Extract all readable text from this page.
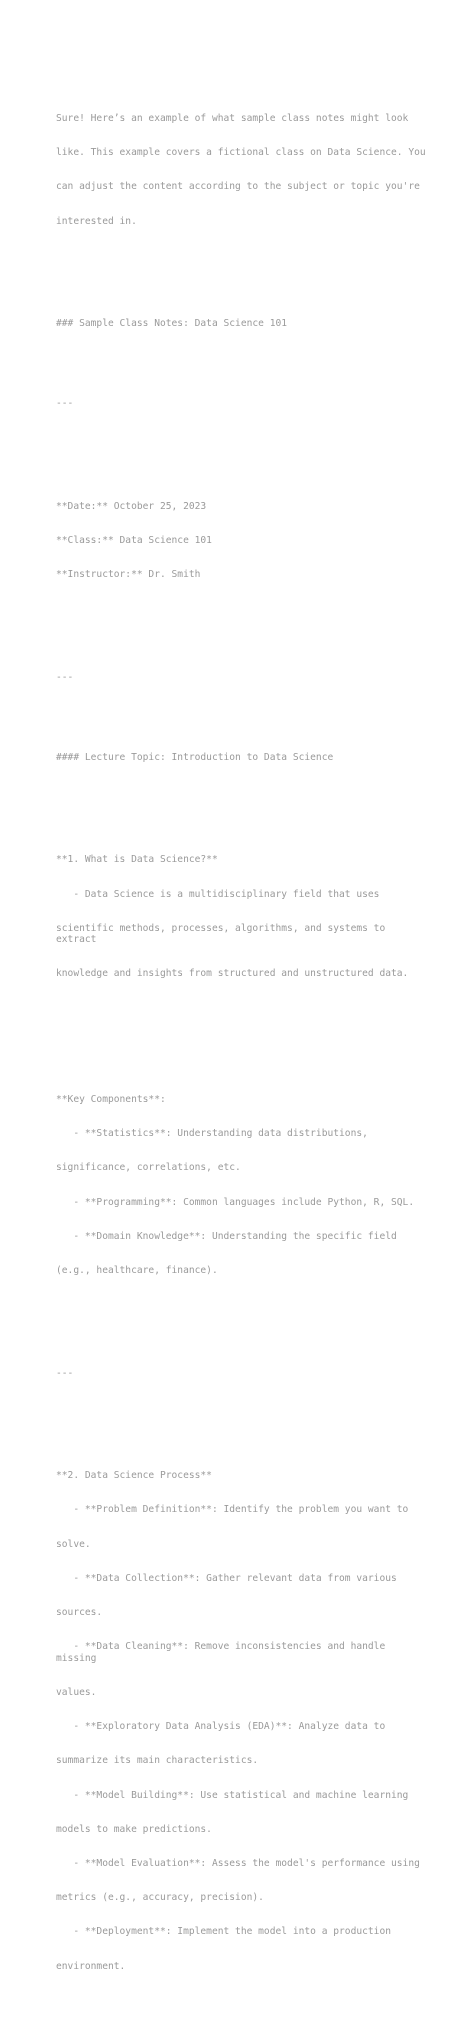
Sure! Here’s an example of what sample class notes might look

like. This example covers a fictional class on Data Science. You

can adjust the content according to the subject or topic you're

interested in.

### Sample Class Notes: Data Science 101

---

**Date:** October 25, 2023

**Class:** Data Science 101

**Instructor:** Dr. Smith

---

#### Lecture Topic: Introduction to Data Science

**1. What is Data Science?**

- Data Science is a multidisciplinary field that uses

scientific methods, processes, algorithms, and systems to extract

knowledge and insights from structured and unstructured data.

**Key Components**:

- **Statistics**: Understanding data distributions,

significance, correlations, etc.

- **Programming**: Common languages include Python, R, SQL.

- **Domain Knowledge**: Understanding the specific field

(e.g., healthcare, finance).

---

**2. Data Science Process**

- **Problem Definition**: Identify the problem you want to

solve.

- **Data Collection**: Gather relevant data from various

sources.

- **Data Cleaning**: Remove inconsistencies and handle missing

values.

- **Exploratory Data Analysis (EDA)**: Analyze data to

summarize its main characteristics.

- **Model Building**: Use statistical and machine learning

models to make predictions.

- **Model Evaluation**: Assess the model's performance using

metrics (e.g., accuracy, precision).

- **Deployment**: Implement the model into a production

environment.
